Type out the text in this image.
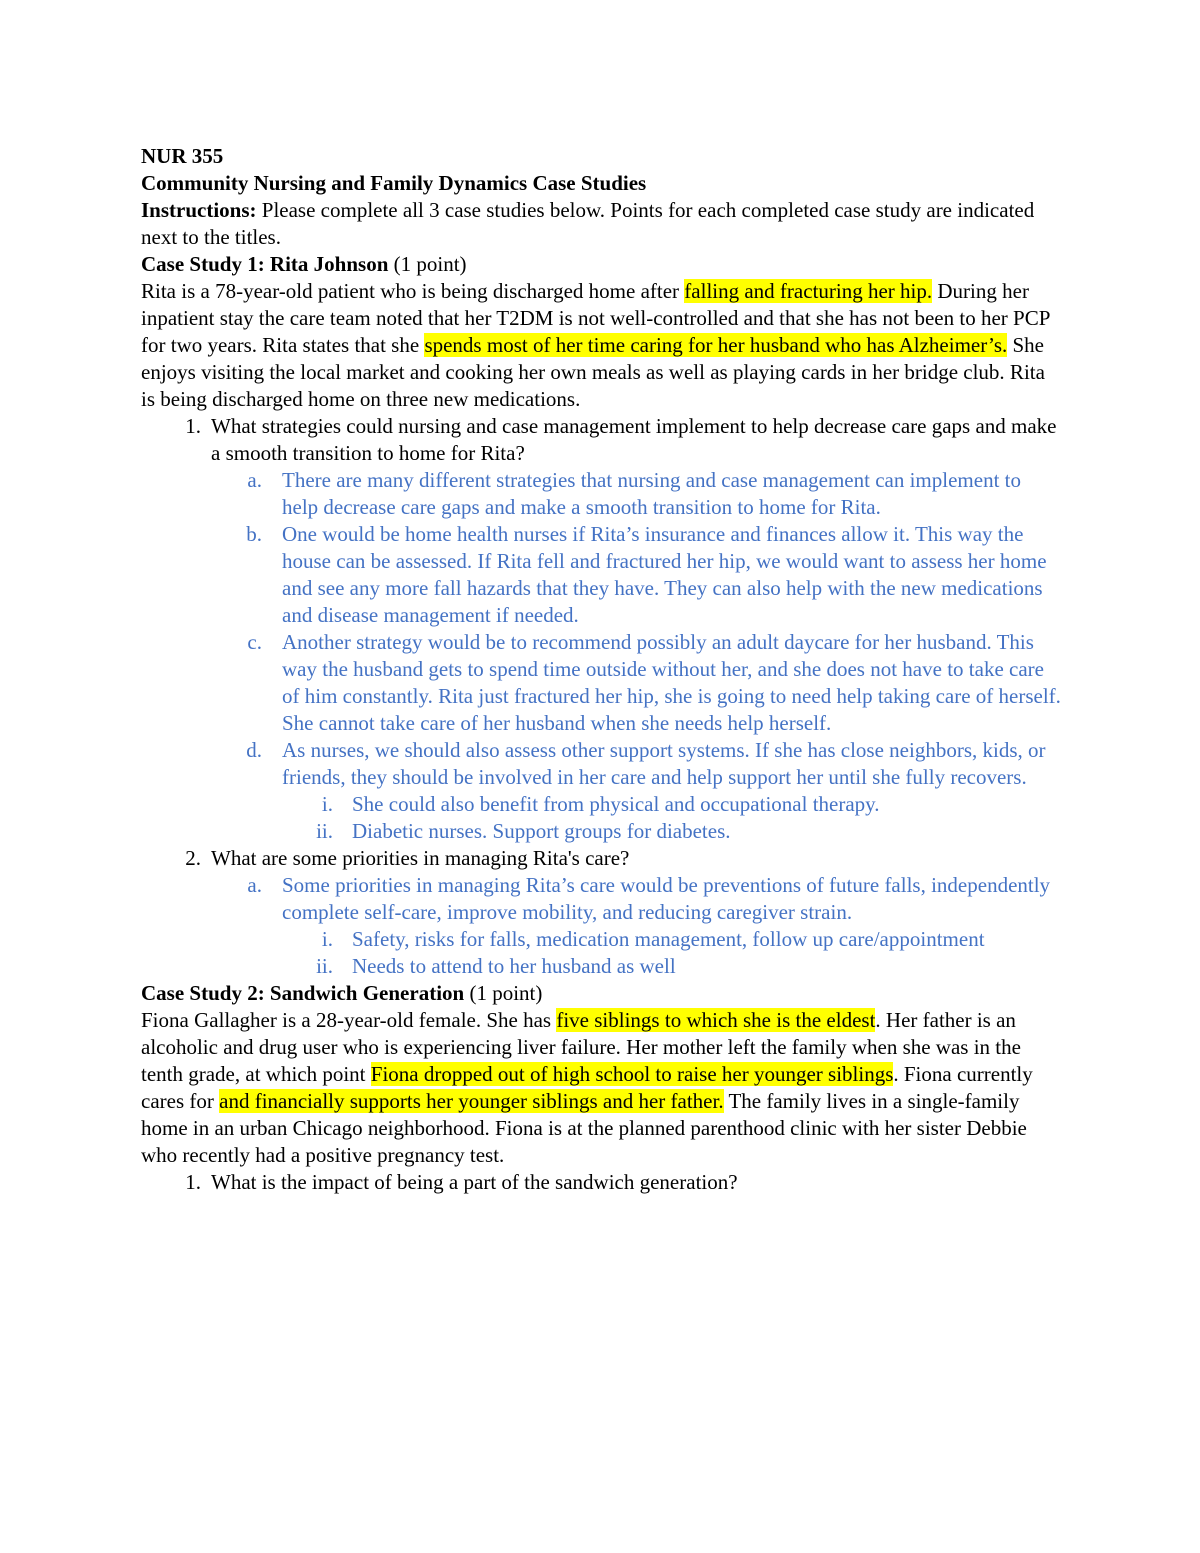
NUR 355

Community Nursing and Family Dynamics Case Studies

Instructions: Please complete all 3 case studies below. Points for each completed case study are indicated next to the titles.

Case Study 1: Rita Johnson (1 point)

Rita is a 78-year-old patient who is being discharged home after falling and fracturing her hip. During her inpatient stay the care team noted that her T2DM is not well-controlled and that she has not been to her PCP for two years. Rita states that she spends most of her time caring for her husband who has Alzheimer’s. She enjoys visiting the local market and cooking her own meals as well as playing cards in her bridge club. Rita is being discharged home on three new medications.

1. What strategies could nursing and case management implement to help decrease care gaps and make a smooth transition to home for Rita?
a. There are many different strategies that nursing and case management can implement to help decrease care gaps and make a smooth transition to home for Rita.
b. One would be home health nurses if Rita’s insurance and finances allow it. This way the house can be assessed. If Rita fell and fractured her hip, we would want to assess her home and see any more fall hazards that they have. They can also help with the new medications and disease management if needed.
c. Another strategy would be to recommend possibly an adult daycare for her husband. This way the husband gets to spend time outside without her, and she does not have to take care of him constantly. Rita just fractured her hip, she is going to need help taking care of herself. She cannot take care of her husband when she needs help herself.
d. As nurses, we should also assess other support systems. If she has close neighbors, kids, or friends, they should be involved in her care and help support her until she fully recovers.
i. She could also benefit from physical and occupational therapy.
ii. Diabetic nurses. Support groups for diabetes.
2. What are some priorities in managing Rita's care?
a. Some priorities in managing Rita’s care would be preventions of future falls, independently complete self-care, improve mobility, and reducing caregiver strain.
i. Safety, risks for falls, medication management, follow up care/appointment
ii. Needs to attend to her husband as well

Case Study 2: Sandwich Generation (1 point)

Fiona Gallagher is a 28-year-old female. She has five siblings to which she is the eldest. Her father is an alcoholic and drug user who is experiencing liver failure. Her mother left the family when she was in the tenth grade, at which point Fiona dropped out of high school to raise her younger siblings. Fiona currently cares for and financially supports her younger siblings and her father. The family lives in a single-family home in an urban Chicago neighborhood. Fiona is at the planned parenthood clinic with her sister Debbie who recently had a positive pregnancy test.

1. What is the impact of being a part of the sandwich generation?
